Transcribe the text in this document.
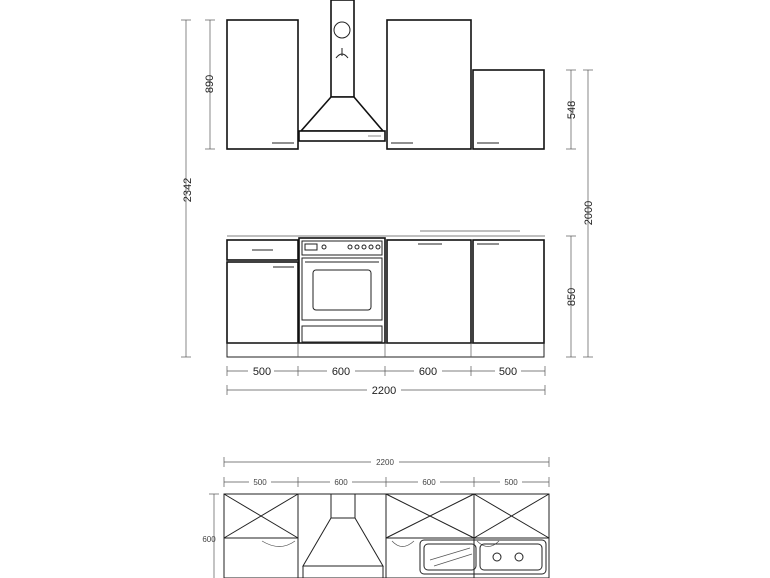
2342
890
548
2000
850
500	600	600	500
2200
2200
500	600	600	500
600
